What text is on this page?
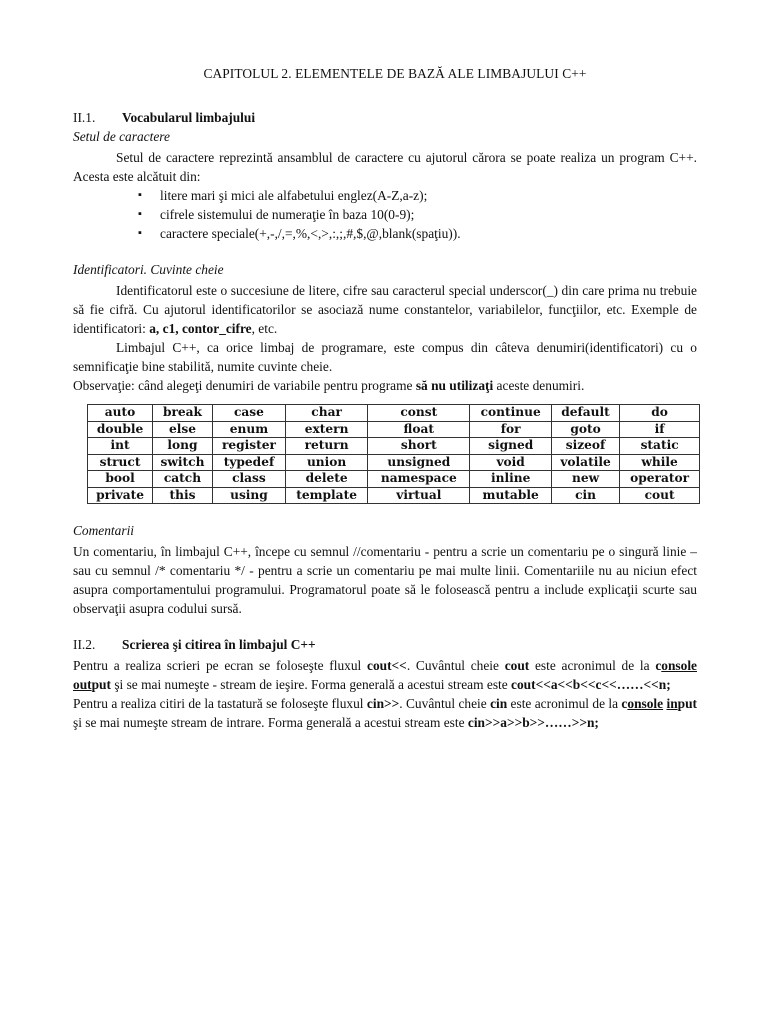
CAPITOLUL 2. ELEMENTELE DE BAZĂ ALE LIMBAJULUI C++
II.1. Vocabularul limbajului
Setul de caractere

Setul de caractere reprezintă ansamblul de caractere cu ajutorul cărora se poate realiza un program C++. Acesta este alcătuit din:

▪ litere mari şi mici ale alfabetului englez(A-Z,a-z);
▪ cifrele sistemului de numeraţie în baza 10(0-9);
▪ caractere speciale(+,-,/,=,%,<,>,:,;,#,$,@,blank(spaţiu)).
Identificatori. Cuvinte cheie

Identificatorul este o succesiune de litere, cifre sau caracterul special underscor(_) din care prima nu trebuie să fie cifră. Cu ajutorul identificatorilor se asociază nume constantelor, variabilelor, funcţiilor, etc. Exemple de identificatori: a, c1, contor_cifre, etc.

Limbajul C++, ca orice limbaj de programare, este compus din câteva denumiri(identificatori) cu o semnificaţie bine stabilită, numite cuvinte cheie.

Observaţie: când alegeţi denumiri de variabile pentru programe să nu utilizaţi aceste denumiri.

auto	break	case	char	const	continue	default	do
double	else	enum	extern	float	for	goto	if
int	long	register	return	short	signed	sizeof	static
struct	switch	typedef	union	unsigned	void	volatile	while
bool	catch	class	delete	namespace	inline	new	operator
private	this	using	template	virtual	mutable	cin	cout
Comentarii

Un comentariu, în limbajul C++, începe cu semnul //comentariu - pentru a scrie un comentariu pe o singură linie – sau cu semnul /* comentariu */ - pentru a scrie un comentariu pe mai multe linii. Comentariile nu au niciun efect asupra comportamentului programului. Programatorul poate să le folosească pentru a include explicaţii scurte sau observaţii asupra codului sursă.

II.2. Scrierea şi citirea în limbajul C++

Pentru a realiza scrieri pe ecran se foloseşte fluxul cout<<. Cuvântul cheie cout este acronimul de la console output şi se mai numeşte - stream de ieşire. Forma generală a acestui stream este cout<<a<<b<<c<<……<<n;

Pentru a realiza citiri de la tastatură se foloseşte fluxul cin>>. Cuvântul cheie cin este acronimul de la console input şi se mai numeşte stream de intrare. Forma generală a acestui stream este cin>>a>>b>>……>>n;
